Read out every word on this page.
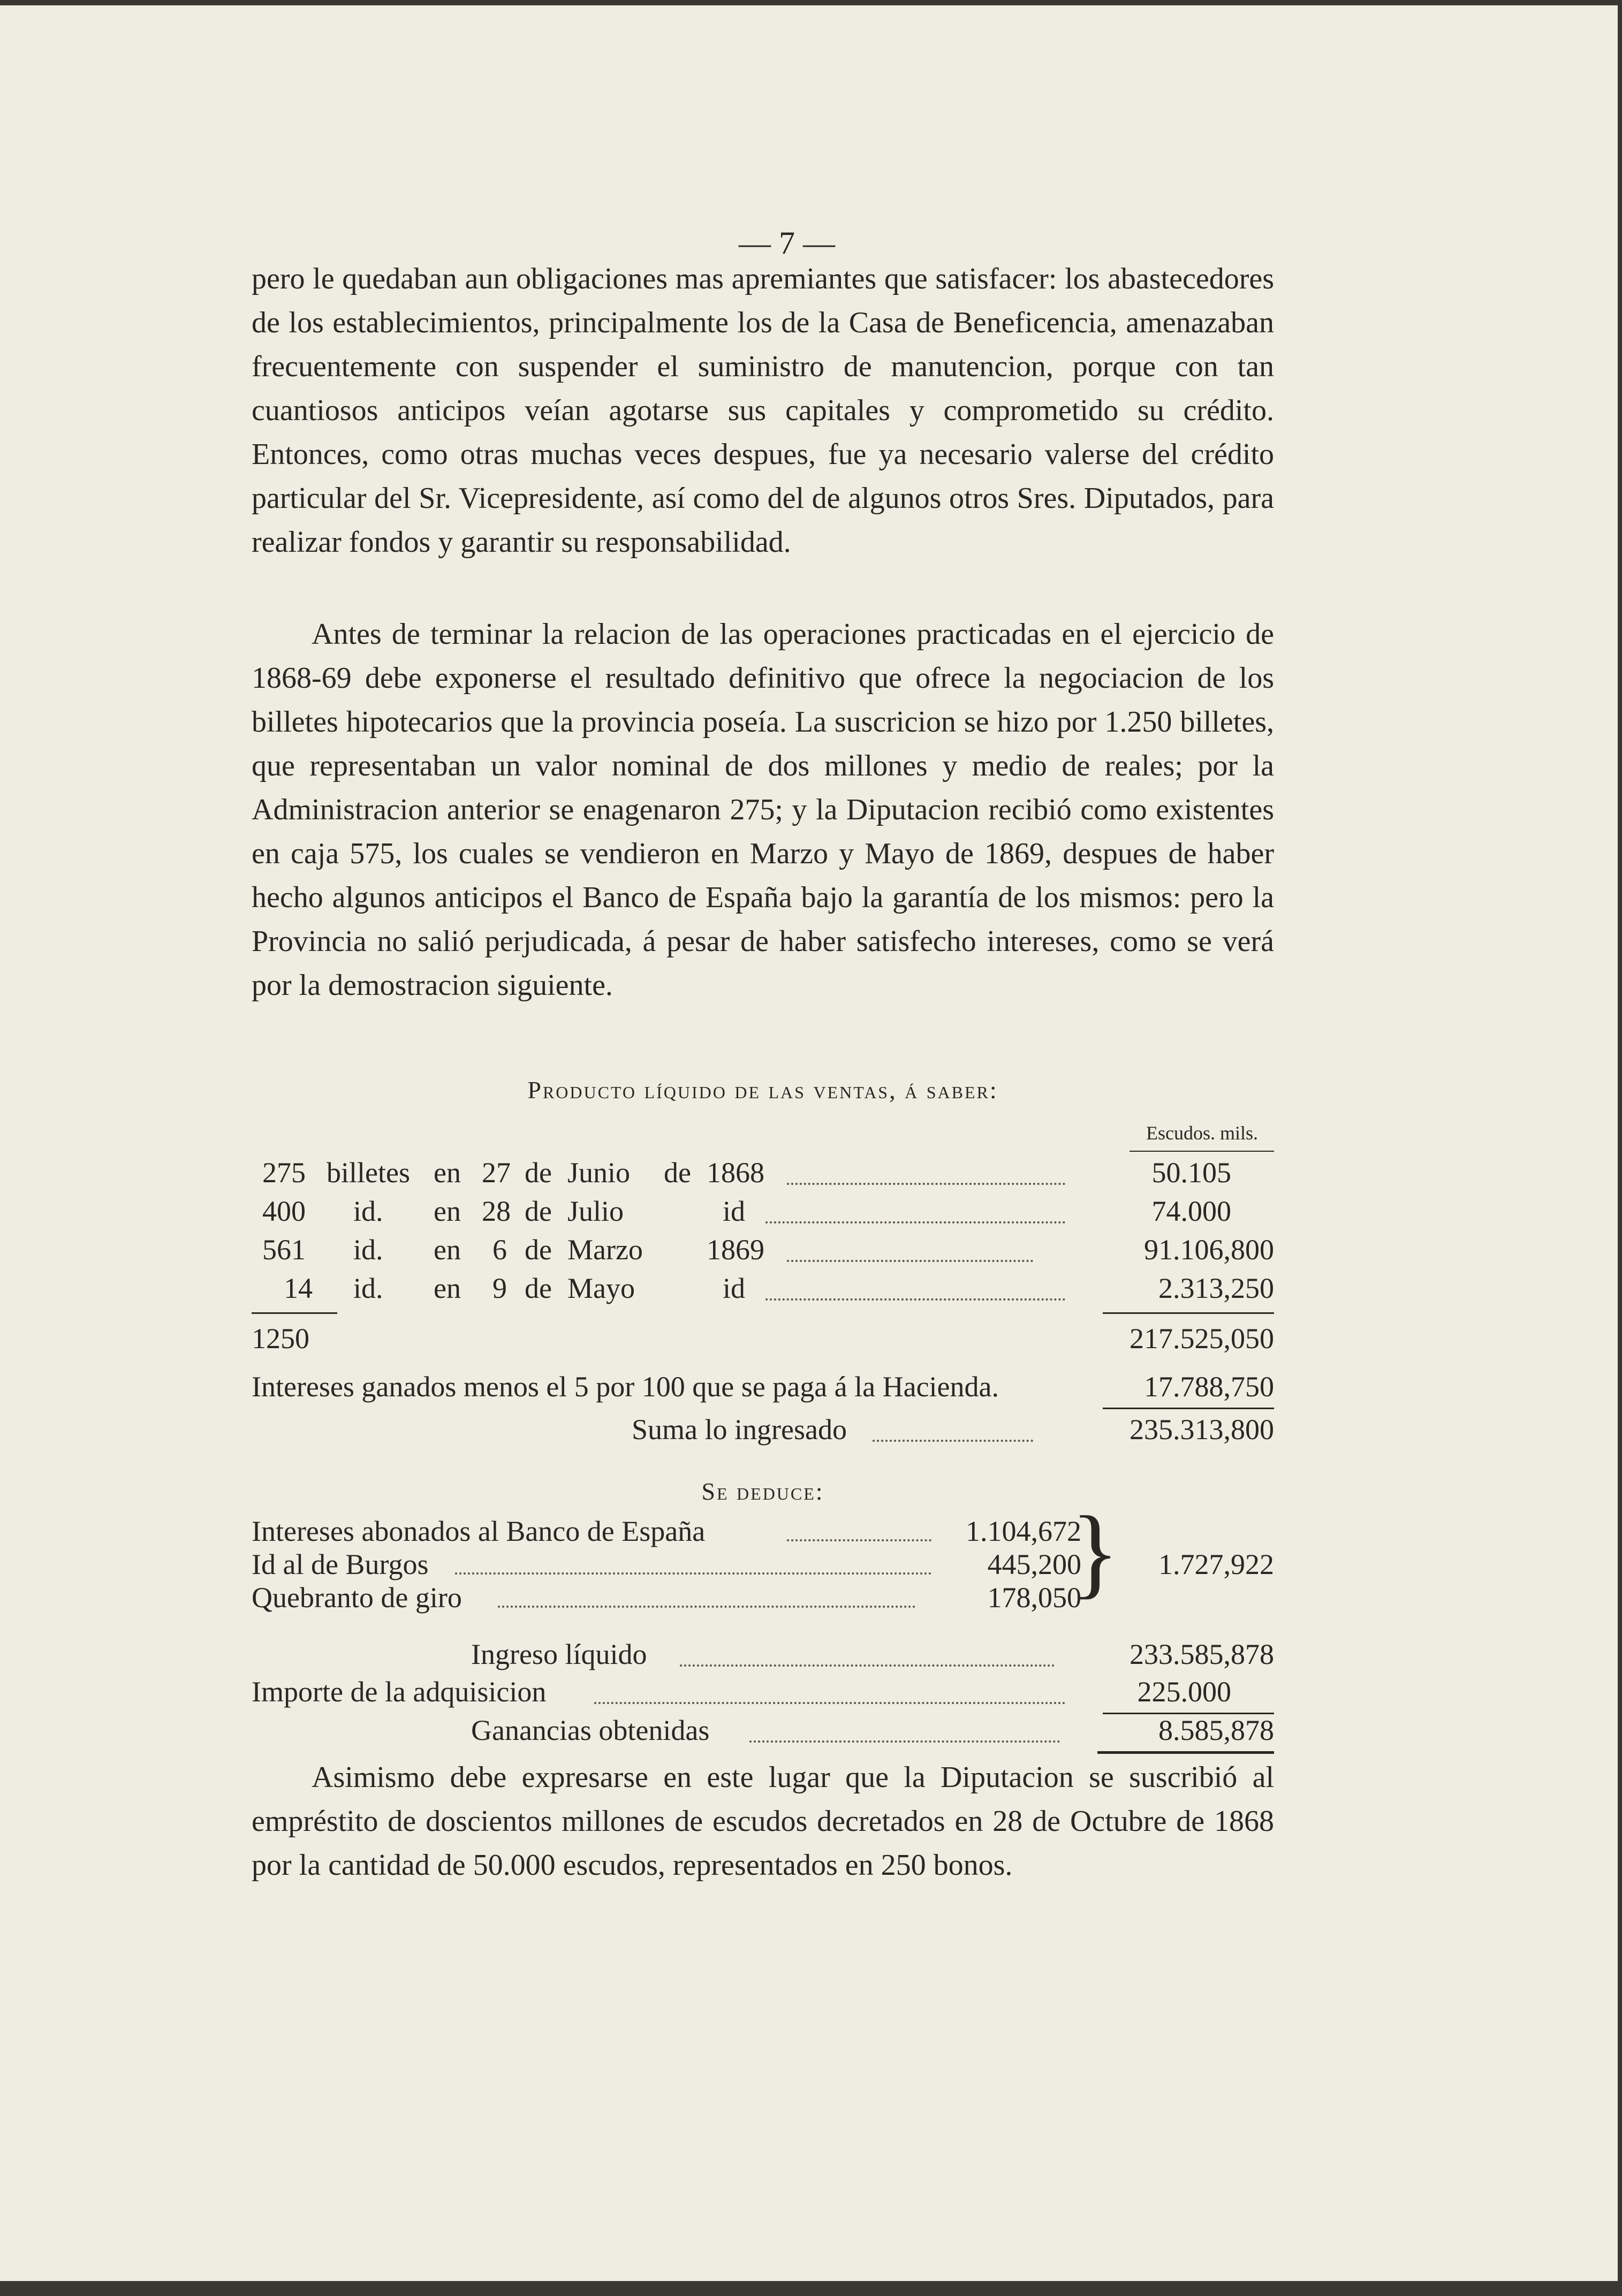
— 7 —

pero le quedaban aun obligaciones mas apremiantes que satisfacer: los abastecedores de los establecimientos, principalmente los de la Casa de Beneficencia, amenazaban frecuentemente con suspender el suministro de manutencion, porque con tan cuantiosos anticipos veían agotarse sus capitales y comprometido su crédito. Entonces, como otras muchas veces despues, fue ya necesario valerse del crédito particular del Sr. Vicepresidente, así como del de algunos otros Sres. Diputados, para realizar fondos y garantir su responsabilidad.

Antes de terminar la relacion de las operaciones practicadas en el ejercicio de 1868-69 debe exponerse el resultado definitivo que ofrece la negociacion de los billetes hipotecarios que la provincia poseía. La suscricion se hizo por 1.250 billetes, que representaban un valor nominal de dos millones y medio de reales; por la Administracion anterior se enagenaron 275; y la Diputacion recibió como existentes en caja 575, los cuales se vendieron en Marzo y Mayo de 1869, despues de haber hecho algunos anticipos el Banco de España bajo la garantía de los mismos: pero la Provincia no salió perjudicada, á pesar de haber satisfecho intereses, como se verá por la demostracion siguiente.

Producto líquido de las ventas, á saber:
Escudos. mils.
275 billetes en 27 de Junio de 1868	50.105
400 id. en 28 de Julio	id	74.000
561 id. en 6 de Marzo 1869	91.106,800
14 id. en 9 de Mayo	id	2.313,250
1250	217.525,050
Intereses ganados menos el 5 por 100 que se paga á la Hacienda.	17.788,750
Suma lo ingresado	235.313,800
Se deduce:
Intereses abonados al Banco de España	1.104,672
Id al de Burgos	445,200
Quebranto de giro	178,050
} 1.727,922
Ingreso líquido	233.585,878
Importe de la adquisicion	225.000
Ganancias obtenidas	8.585,878

Asimismo debe expresarse en este lugar que la Diputacion se suscribió al empréstito de doscientos millones de escudos decretados en 28 de Octubre de 1868 por la cantidad de 50.000 escudos, representados en 250 bonos.
